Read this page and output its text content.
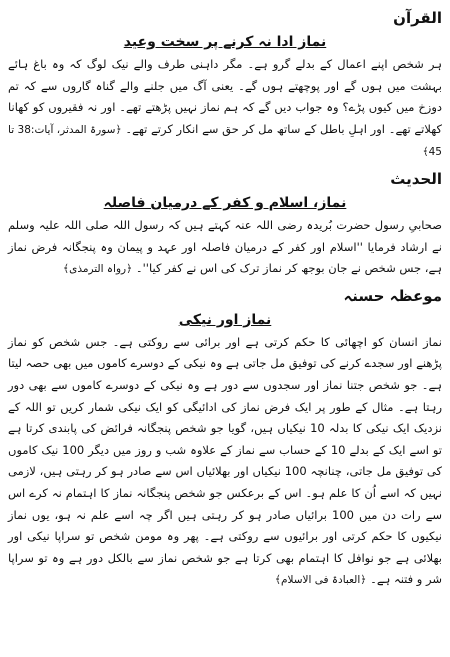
القرآن
نماز ادا نہ کرنے پر سخت وعید

ہر شخص اپنے اعمال کے بدلے گرو ہے۔ مگر داہنی طرف والے نیک لوگ کہ وہ باغ ہائے بہشت میں ہوں گے اور پوچھتے ہوں گے۔ یعنی آگ میں جلنے والے گناہ گاروں سے کہ تم دوزخ میں کیوں پڑے؟ وہ جواب دیں گے کہ ہم نماز نہیں پڑھتے تھے۔ اور نہ فقیروں کو کھانا کھلاتے تھے۔ اور اہلِ باطل کے ساتھ مل کر حق سے انکار کرتے تھے۔ ﴿سورۃ المدثر، آیات:38 تا 45﴾

الحدیث
نماز، اسلام و کفر کے درمیان فاصلہ

صحابیِ رسول حضرت بُریدہ رضی اللہ عنہ کہتے ہیں کہ رسول اللہ صلی اللہ علیہ وسلم نے ارشاد فرمایا ''اسلام اور کفر کے درمیان فاصلہ اور عہد و پیمان وہ پنجگانہ فرض نماز ہے، جس شخص نے جان بوجھ کر نماز ترک کی اس نے کفر کیا''۔ ﴿رواہ الترمذی﴾

موعظہ حسنہ
نماز اور نیکی

نماز انسان کو اچھائی کا حکم کرتی ہے اور برائی سے روکتی ہے۔ جس شخص کو نماز پڑھنے اور سجدے کرنے کی توفیق مل جاتی ہے وہ نیکی کے دوسرے کاموں میں بھی حصہ لیتا ہے۔ جو شخص جتنا نماز اور سجدوں سے دور ہے وہ نیکی کے دوسرے کاموں سے بھی دور رہتا ہے۔ مثال کے طور پر ایک فرض نماز کی ادائیگی کو ایک نیکی شمار کریں تو اللہ کے نزدیک ایک نیکی کا بدلہ 10 نیکیاں ہیں، گویا جو شخص پنجگانہ فرائض کی پابندی کرتا ہے تو اسے ایک کے بدلے 10 کے حساب سے نماز کے علاوہ شب و روز میں دیگر 100 نیک کاموں کی توفیق مل جاتی، چنانچہ 100 نیکیاں اور بھلائیاں اس سے صادر ہو کر رہتی ہیں، لازمی نہیں کہ اسے اُن کا علم ہو۔ اس کے برعکس جو شخص پنجگانہ نماز کا اہتمام نہ کرے اس سے رات دن میں 100 برائیاں صادر ہو کر رہتی ہیں اگر چہ اسے علم نہ ہو، یوں نماز نیکیوں کا حکم کرتی اور برائیوں سے روکتی ہے۔ پھر وہ مومن شخص تو سراپا نیکی اور بھلائی ہے جو نوافل کا اہتمام بھی کرتا ہے جو شخص نماز سے بالکل دور ہے وہ تو سراپا شر و فتنہ ہے۔ ﴿العبادۃ فی الاسلام﴾
